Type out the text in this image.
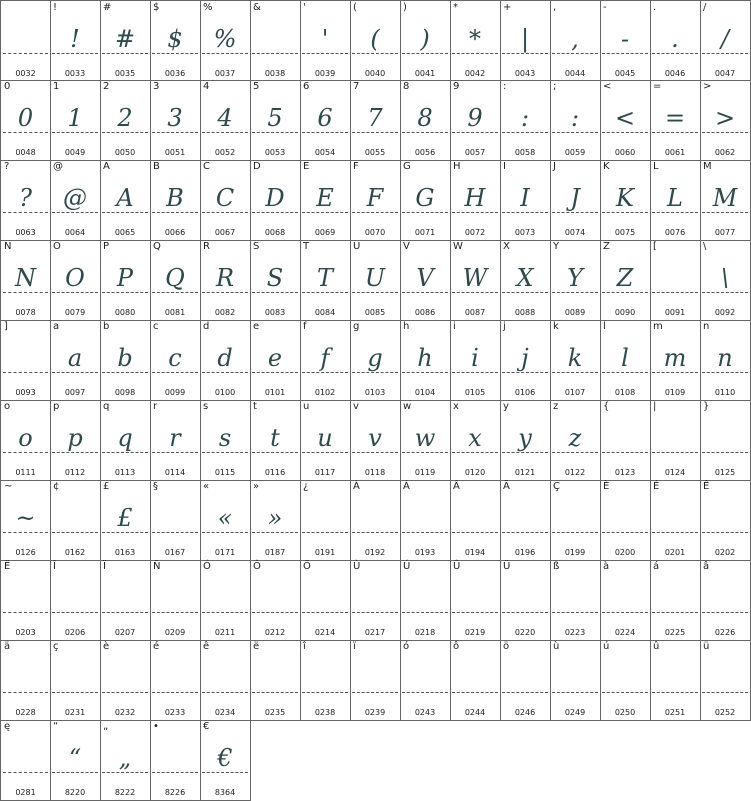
0032
!
!
0033
#
#
0035
$
$
0036
%
%
0037
&
0038
'
'
0039
(
(
0040
)
)
0041
*
*
0042
+
|
0043
,
,
0044
-
-
0045
.
.
0046
/
/
0047
0
0
0048
1
1
0049
2
2
0050
3
3
0051
4
4
0052
5
5
0053
6
6
0054
7
7
0055
8
8
0056
9
9
0057
:
:
0058
;
:
0059
<
<
0060
=
=
0061
>
>
0062
?
?
0063
@
@
0064
A
A
0065
B
B
0066
C
C
0067
D
D
0068
E
E
0069
F
F
0070
G
G
0071
H
H
0072
I
I
0073
J
J
0074
K
K
0075
L
L
0076
M
M
0077
N
N
0078
O
O
0079
P
P
0080
Q
Q
0081
R
R
0082
S
S
0083
T
T
0084
U
U
0085
V
V
0086
W
W
0087
X
X
0088
Y
Y
0089
Z
Z
0090
[
0091
\
\
0092
]
0093
a
a
0097
b
b
0098
c
c
0099
d
d
0100
e
e
0101
f
f
0102
g
g
0103
h
h
0104
i
i
0105
j
j
0106
k
k
0107
l
l
0108
m
m
0109
n
n
0110
o
o
0111
p
p
0112
q
q
0113
r
r
0114
s
s
0115
t
t
0116
u
u
0117
v
v
0118
w
w
0119
x
x
0120
y
y
0121
z
z
0122
{
0123
|
0124
}
0125
~
~
0126
¢
0162
£
£
0163
§
0167
«
«
0171
»
»
0187
¿
0191
À
0192
Á
0193
Â
0194
Ä
0196
Ç
0199
È
0200
É
0201
Ê
0202
Ë
0203
Î
0206
Ï
0207
Ñ
0209
Ó
0211
Ô
0212
Ö
0214
Ù
0217
Ú
0218
Û
0219
Ü
0220
ß
0223
à
0224
á
0225
â
0226
ä
0228
ç
0231
è
0232
é
0233
ê
0234
ë
0235
î
0238
ï
0239
ó
0243
ô
0244
ö
0246
ù
0249
ú
0250
û
0251
ü
0252
ę
0281
“
“
8220
„
„
8222
•
8226
€
€
8364
